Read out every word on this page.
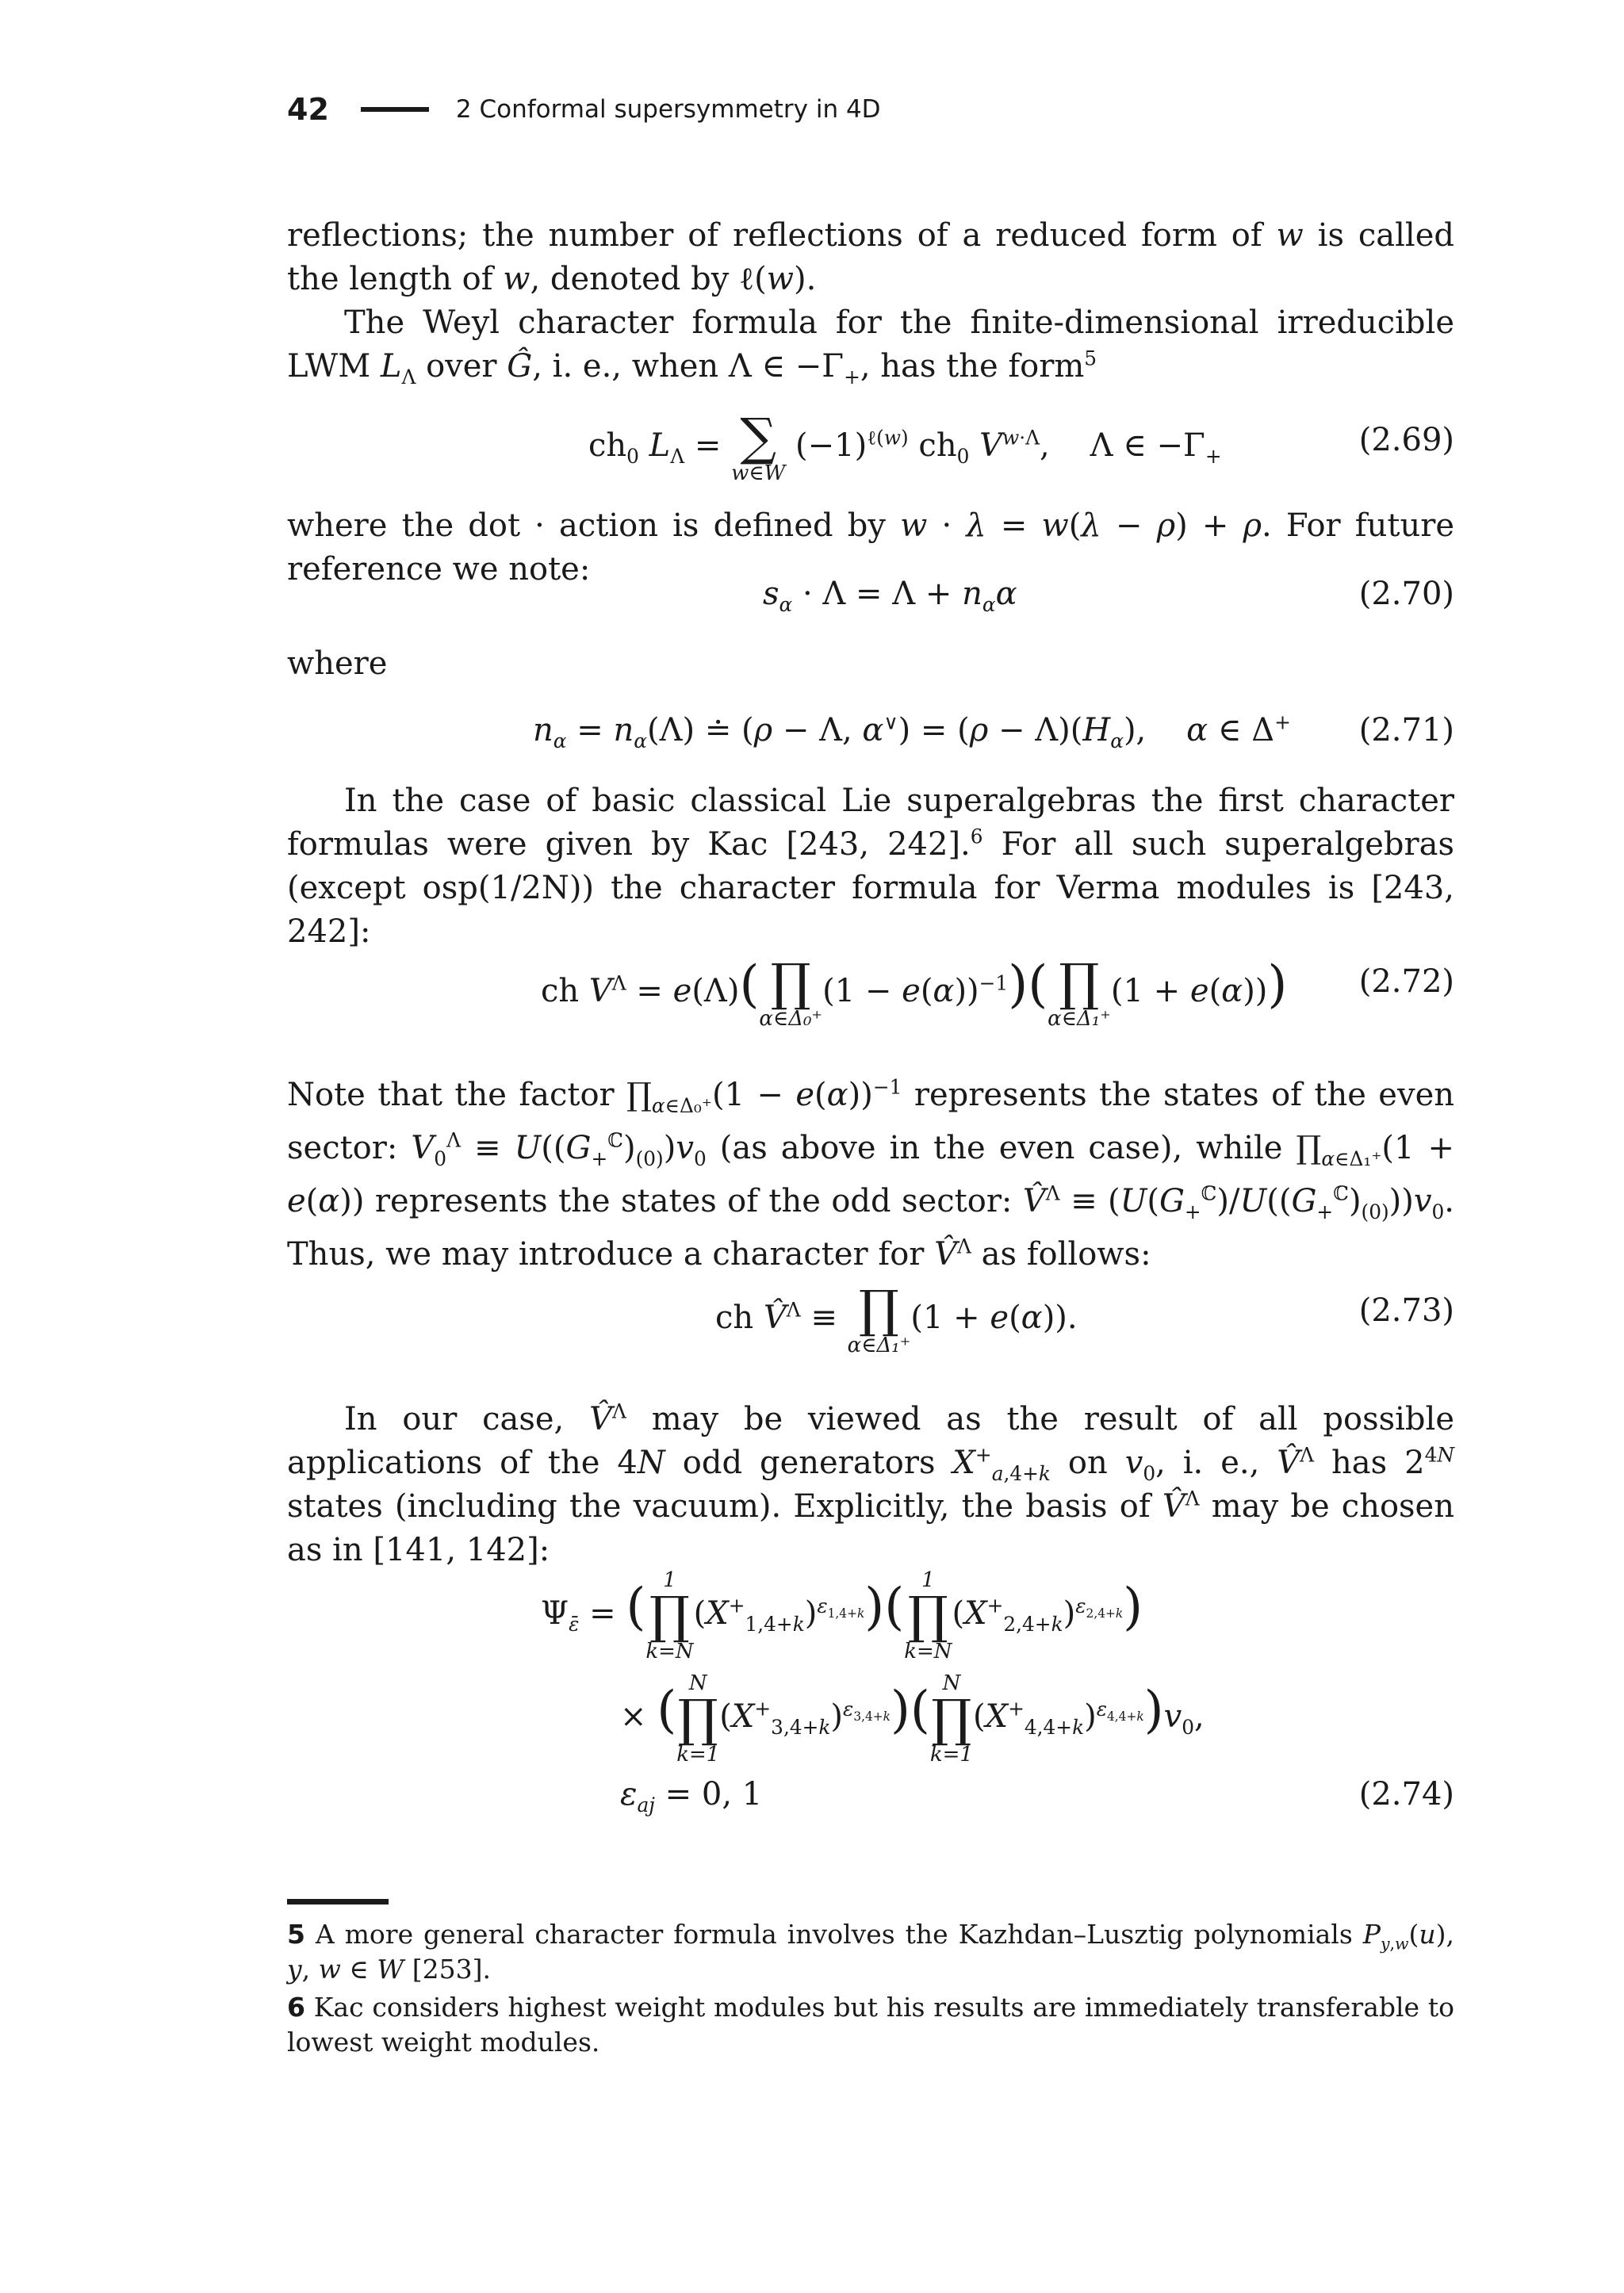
42	2 Conformal supersymmetry in 4D

reflections; the number of reflections of a reduced form of w is called the length of w, denoted by ℓ(w).

The Weyl character formula for the finite-dimensional irreducible LWM $L_\Lambda$ over Ĝ, i. e., when Λ ∈ $-\Gamma_+$, has the form$^5$

$ch_0$ $L_\Lambda$ = ∑
w∈W
$(-1)^{\ell(w)}$ $ch_0$ $V^{w\cdot\Lambda}$,    Λ ∈ $-\Gamma_+$	(2.69)

where the dot · action is defined by w · λ = w(λ − ρ) + ρ. For future reference we note:

$s_\alpha \cdot \Lambda = \Lambda + n_\alpha\alpha$	(2.70)

where

$n_\alpha = n_\alpha(\Lambda)$ ≐ (ρ − Λ, $\alpha^\vee) = (\rho - \Lambda)(H_\alpha)$,    α ∈ Δ+ (2.71)

In the case of basic classical Lie superalgebras the first character formulas were given by Kac [243, 242].$^6$ For all such superalgebras (except osp(1/2N)) the character formula for Verma modules is [243, 242]:

ch $V^\Lambda = e(\Lambda)$( ∏
α∈Δ₀⁺
$(1 - e(\alpha))^{-1}$)( ∏
α∈Δ₁⁺
(1 + e(α))) (2.72)

Note that the factor $\prod_{\alpha\in\Delta_0^+}(1 - e(\alpha))^{-1}$ represents the states of the even sector: $V_0^\Lambda \equiv U((G_+^ℂ)_{(0)})v_0$ (as above in the even case), while $\prod_{\alpha\in\Delta_1^+}(1 + e(\alpha))$ represents the states of the odd sector: V̂$^\Lambda$ ≡ $(U(G_+^ℂ)/U((G_+^ℂ)_{(0)}))v_0$. Thus, we may introduce a character for V̂$^\Lambda$ as follows:

ch V̂$^\Lambda$ ≡ ∏
α∈Δ₁⁺
(1 + e(α)).	(2.73)

In our case, V̂$^\Lambda$ may be viewed as the result of all possible applications of the 4N odd generators $X^+_{a,4+k}$ on $v_0$, i. e., V̂$^\Lambda$ has $2^{4N}$ states (including the vacuum). Explicitly, the basis of V̂$^\Lambda$ may be chosen as in [141, 142]:

$\Psi_{\varepsilon̄}$ = ( 1
∏
k=N
$(X^+_{1,4+k})^{\varepsilon_{1,4+k}}$)( 1
∏
k=N
$(X^+_{2,4+k})^{\varepsilon_{2,4+k}}$)
× ( N
∏
k=1
$(X^+_{3,4+k})^{\varepsilon_{3,4+k}}$)( N
∏
k=1
$(X^+_{4,4+k})^{\varepsilon_{4,4+k}})v_0$,
$\varepsilon_{aj} = 0$, 1	(2.74)
5 A more general character formula involves the Kazhdan–Lusztig polynomials $P_{y,w}(u)$, y, w ∈ W [253].
6 Kac considers highest weight modules but his results are immediately transferable to lowest weight modules.
